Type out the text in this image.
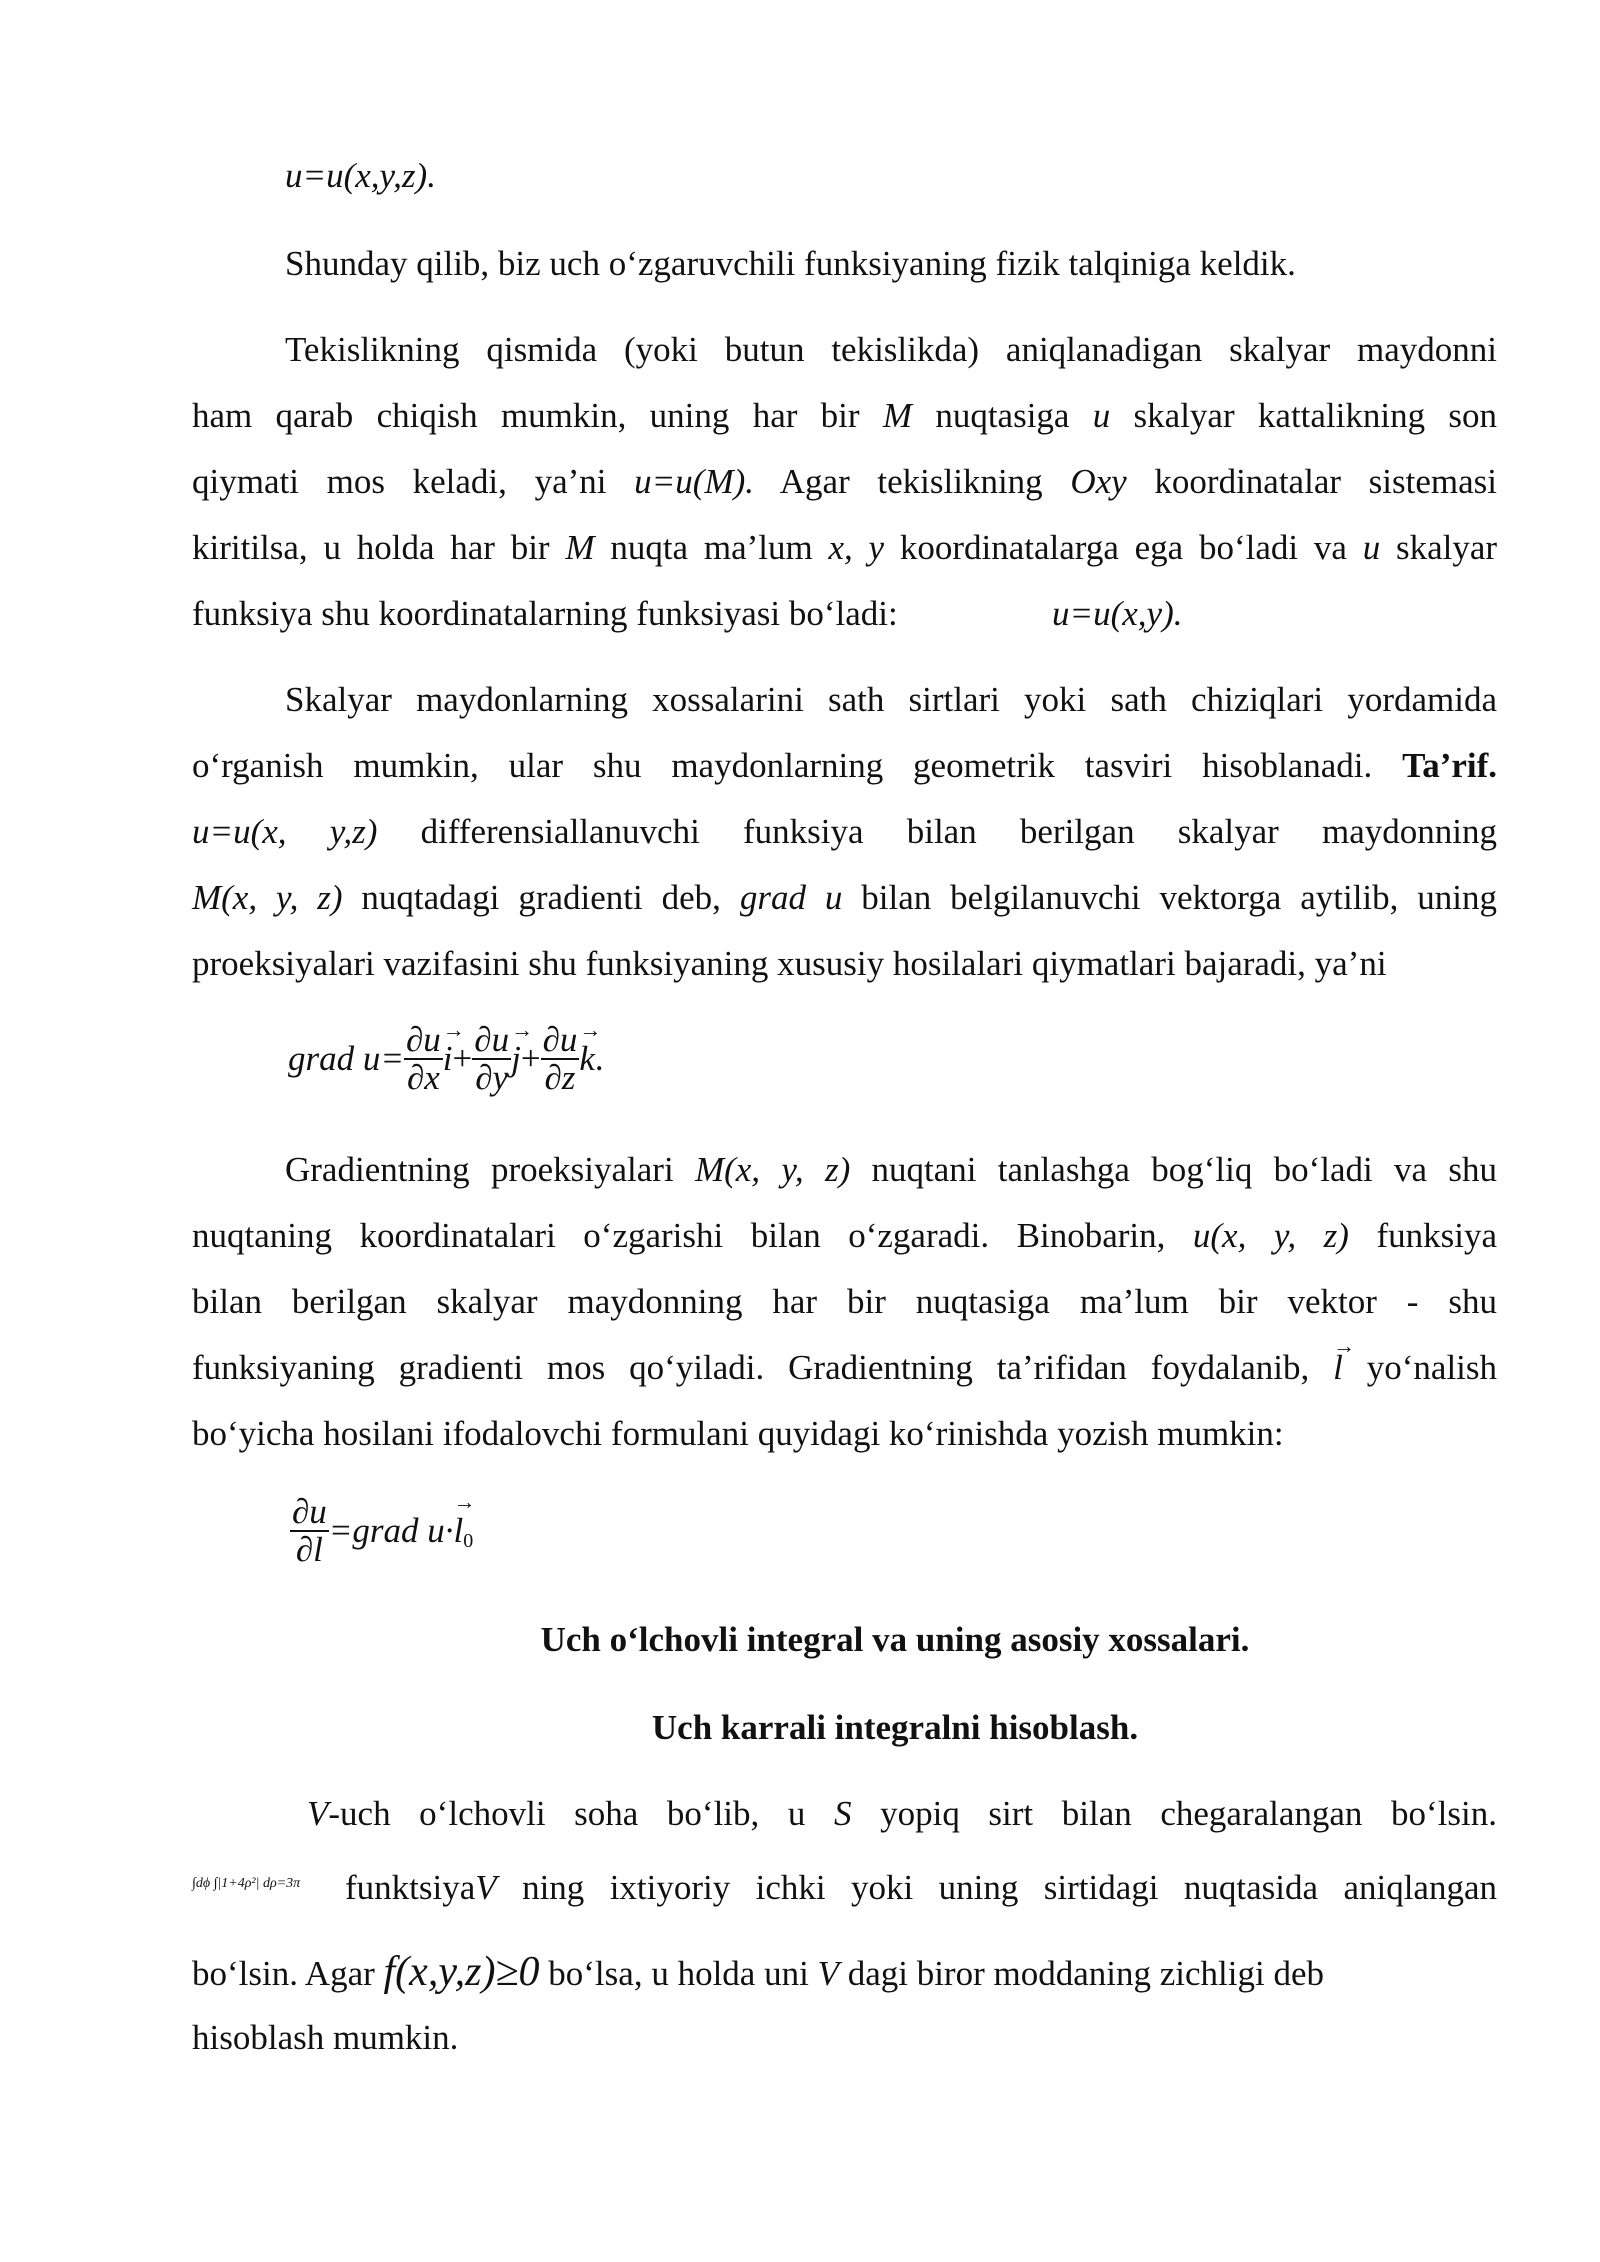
u=u(x,y,z).
Shunday qilib, biz uch o‘zgaruvchili funksiyaning fizik talqiniga keldik.
Tekislikning qismida (yoki butun tekislikda) aniqlanadigan skalyar maydonni
ham qarab chiqish mumkin, uning har bir M nuqtasiga u skalyar kattalikning son
qiymati mos keladi, ya’ni u=u(M). Agar tekislikning Oxy koordinatalar sistemasi
kiritilsa, u holda har bir M nuqta ma’lum x, y koordinatalarga ega bo‘ladi va u skalyar
funksiya shu koordinatalarning funksiyasi bo‘ladi:	u=u(x,y).
Skalyar maydonlarning xossalarini sath sirtlari yoki sath chiziqlari yordamida
o‘rganish mumkin, ular shu maydonlarning geometrik tasviri hisoblanadi. Ta’rif.
u=u(x, y,z) differensiallanuvchi funksiya bilan berilgan skalyar maydonning
M(x, y, z) nuqtadagi gradienti deb, grad u bilan belgilanuvchi vektorga aytilib, uning
proeksiyalari vazifasini shu funksiyaning xususiy hosilalari qiymatlari bajaradi, ya’ni
grad $u= \frac{\partial u}{\partial x}$
→ $i+ \frac{\partial u}{\partial y}$
→ $j+ \frac{\partial u}{\partial z}$
→ k.
Gradientning proeksiyalari M(x, y, z) nuqtani tanlashga bog‘liq bo‘ladi va shu
nuqtaning koordinatalari o‘zgarishi bilan o‘zgaradi. Binobarin, u(x, y, z) funksiya
bilan berilgan skalyar maydonning har bir nuqtasiga ma’lum bir vektor - shu
funksiyaning gradienti mos qo‘yiladi. Gradientning ta’rifidan foydalanib, → l yo‘nalish
bo‘yicha hosilani ifodalovchi formulani quyidagi ko‘rinishda yozish mumkin:
$\frac{\partial u}{\partial l}$ =grad $u\cdot\to l_0$
Uch o‘lchovli integral va uning asosiy xossalari.
Uch karrali integralni hisoblash.
V-uch o‘lchovli soha bo‘lib, u S yopiq sirt bilan chegaralangan bo‘lsin.
∫dϕ ∫|1+4ρ²| dρ=3π funktsiyaV ning ixtiyoriy ichki yoki uning sirtidagi nuqtasida aniqlangan
bo‘lsin. Agar f(x,y,z)≥0 bo‘lsa, u holda uni V dagi biror moddaning zichligi deb
hisoblash mumkin.
